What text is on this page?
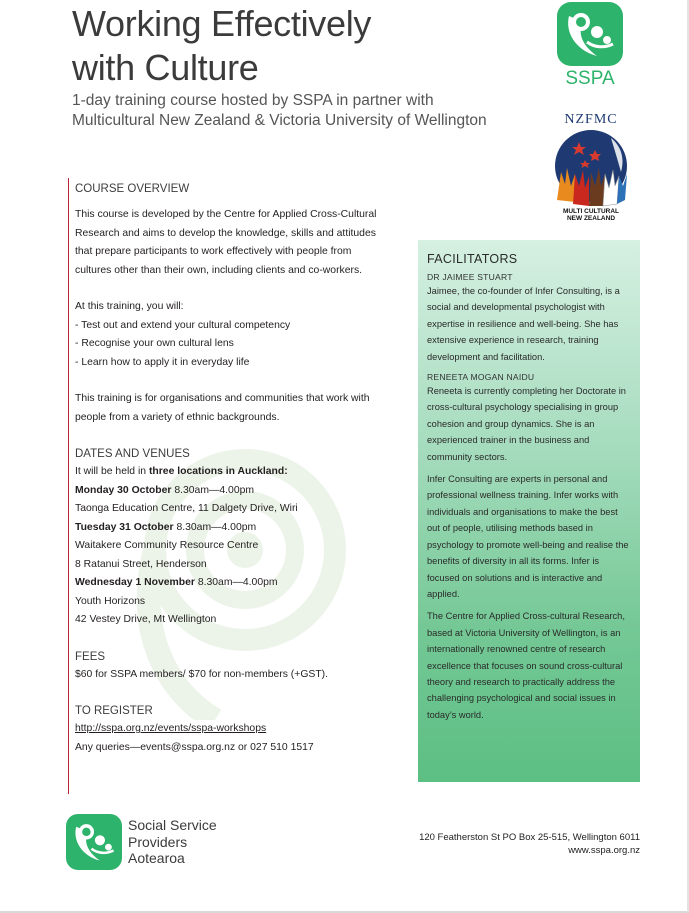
Working Effectively
with Culture
1-day training course hosted by SSPA in partner with
Multicultural New Zealand & Victoria University of Wellington
SSPA
NZFMC
MULTI CULTURAL
NEW ZEALAND
COURSE OVERVIEW
This course is developed by the Centre for Applied Cross-Cultural Research and aims to develop the knowledge, skills and attitudes that prepare participants to work effectively with people from cultures other than their own, including clients and co-workers.
At this training, you will:
- Test out and extend your cultural competency
- Recognise your own cultural lens
- Learn how to apply it in everyday life
This training is for organisations and communities that work with people from a variety of ethnic backgrounds.
DATES AND VENUES
It will be held in three locations in Auckland:
Monday 30 October 8.30am—4.00pm
Taonga Education Centre, 11 Dalgety Drive, Wiri
Tuesday 31 October 8.30am—4.00pm
Waitakere Community Resource Centre
8 Ratanui Street, Henderson
Wednesday 1 November 8.30am—4.00pm
Youth Horizons
42 Vestey Drive, Mt Wellington
FEES
$60 for SSPA members/ $70 for non-members (+GST).
TO REGISTER
http://sspa.org.nz/events/sspa-workshops
Any queries—events@sspa.org.nz or 027 510 1517
FACILITATORS
DR JAIMEE STUART
Jaimee, the co-founder of Infer Consulting, is a social and developmental psychologist with expertise in resilience and well-being. She has extensive experience in research, training development and facilitation.
RENEETA MOGAN NAIDU
Reneeta is currently completing her Doctorate in cross-cultural psychology specialising in group cohesion and group dynamics. She is an experienced trainer in the business and community sectors.
Infer Consulting are experts in personal and professional wellness training. Infer works with individuals and organisations to make the best out of people, utilising methods based in psychology to promote well-being and realise the benefits of diversity in all its forms. Infer is focused on solutions and is interactive and applied.
The Centre for Applied Cross-cultural Research, based at Victoria University of Wellington, is an internationally renowned centre of research excellence that focuses on sound cross-cultural theory and research to practically address the challenging psychological and social issues in today’s world.
Social Service
Providers
Aotearoa
120 Featherston St PO Box 25-515, Wellington 6011
www.sspa.org.nz
